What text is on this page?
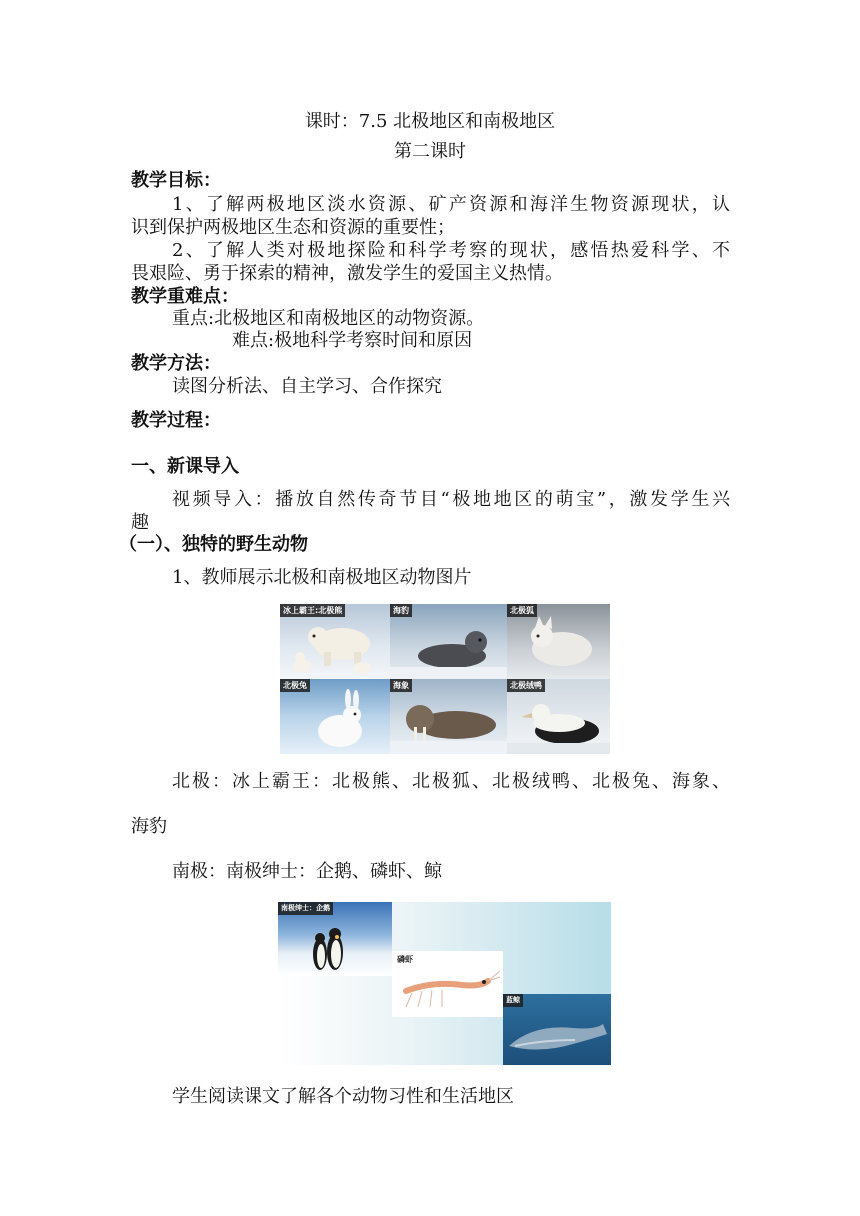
课时：7.5 北极地区和南极地区
第二课时
教学目标：
1、了解两极地区淡水资源、矿产资源和海洋生物资源现状，认
识到保护两极地区生态和资源的重要性；
2、了解人类对极地探险和科学考察的现状，感悟热爱科学、不
畏艰险、勇于探索的精神，激发学生的爱国主义热情。
教学重难点：
重点:北极地区和南极地区的动物资源。
难点:极地科学考察时间和原因
教学方法：
读图分析法、自主学习、合作探究
教学过程：
一、新课导入
视频导入：播放自然传奇节目“极地地区的萌宝”，激发学生兴
趣
（一）、独特的野生动物
1、教师展示北极和南极地区动物图片
冰上霸王:北极熊	海豹	北极狐
北极兔	海象	北极绒鸭
北极：冰上霸王：北极熊、北极狐、北极绒鸭、北极兔、海象、
海豹
南极：南极绅士：企鹅、磷虾、鲸
南极绅士：企鹅
磷虾
蓝鲸
学生阅读课文了解各个动物习性和生活地区
